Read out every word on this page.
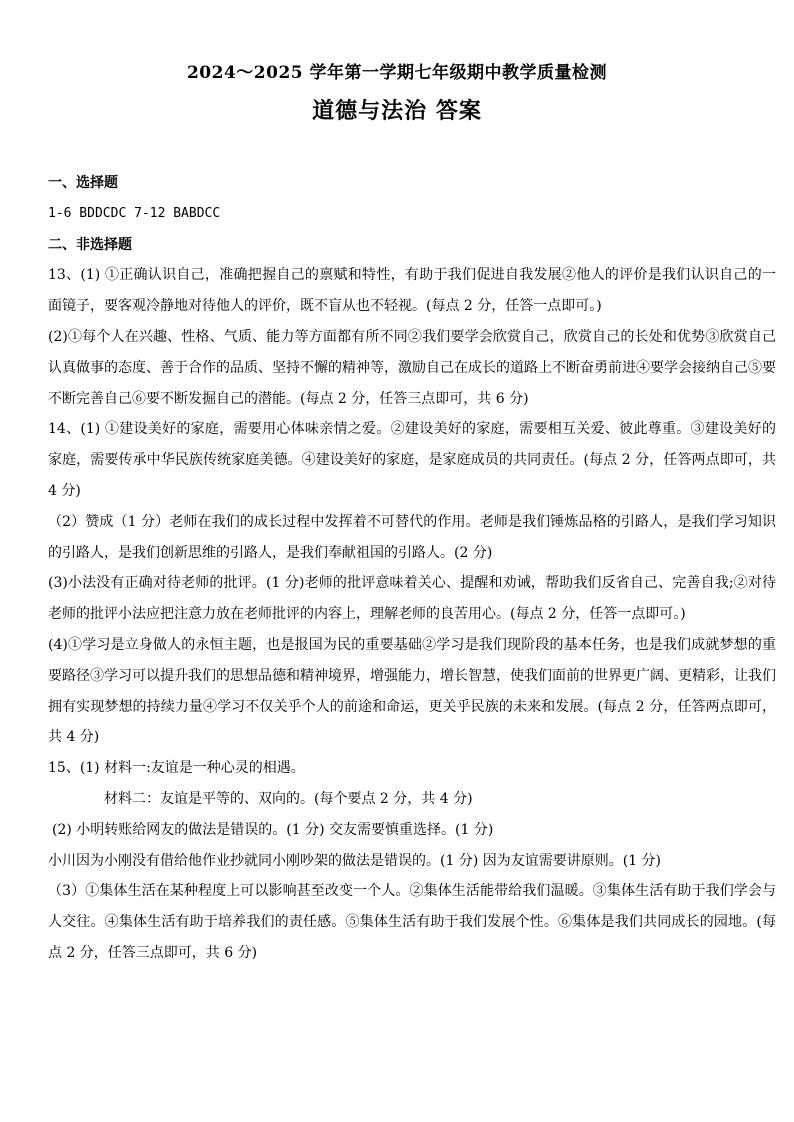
2024～2025 学年第一学期七年级期中教学质量检测
道德与法治 答案

一、选择题

1-6 BDDCDC 7-12 BABDCC

二、非选择题

13、(1) ①正确认识自己，准确把握自己的禀赋和特性，有助于我们促进自我发展②他人的评价是我们认识自己的一面镜子，要客观冷静地对待他人的评价，既不盲从也不轻视。(每点 2 分，任答一点即可。)

(2)①每个人在兴趣、性格、气质、能力等方面都有所不同②我们要学会欣赏自己，欣赏自己的长处和优势③欣赏自己认真做事的态度、善于合作的品质、坚持不懈的精神等，激励自己在成长的道路上不断奋勇前进④要学会接纳自己⑤要不断完善自己⑥要不断发掘自己的潜能。(每点 2 分，任答三点即可，共 6 分)

14、(1) ①建设美好的家庭，需要用心体味亲情之爱。②建设美好的家庭，需要相互关爱、彼此尊重。③建设美好的家庭，需要传承中华民族传统家庭美德。④建设美好的家庭，是家庭成员的共同责任。(每点 2 分，任答两点即可，共 4 分)

（2）赞成（1 分）老师在我们的成长过程中发挥着不可替代的作用。老师是我们锤炼品格的引路人，是我们学习知识的引路人，是我们创新思维的引路人，是我们奉献祖国的引路人。(2 分)

(3)小法没有正确对待老师的批评。(1 分)老师的批评意味着关心、提醒和劝诫，帮助我们反省自己、完善自我;②对待老师的批评小法应把注意力放在老师批评的内容上，理解老师的良苦用心。(每点 2 分，任答一点即可。)

(4)①学习是立身做人的永恒主题，也是报国为民的重要基础②学习是我们现阶段的基本任务，也是我们成就梦想的重要路径③学习可以提升我们的思想品德和精神境界，增强能力，增长智慧，使我们面前的世界更广阔、更精彩，让我们拥有实现梦想的持续力量④学习不仅关乎个人的前途和命运，更关乎民族的未来和发展。(每点 2 分，任答两点即可，共 4 分)

15、(1) 材料一:友谊是一种心灵的相遇。

材料二：友谊是平等的、双向的。(每个要点 2 分，共 4 分)

(2) 小明转账给网友的做法是错误的。(1 分) 交友需要慎重选择。(1 分)

小川因为小刚没有借给他作业抄就同小刚吵架的做法是错误的。(1 分) 因为友谊需要讲原则。(1 分)

（3）①集体生活在某种程度上可以影响甚至改变一个人。②集体生活能带给我们温暖。③集体生活有助于我们学会与人交往。④集体生活有助于培养我们的责任感。⑤集体生活有助于我们发展个性。⑥集体是我们共同成长的园地。(每点 2 分，任答三点即可，共 6 分)
